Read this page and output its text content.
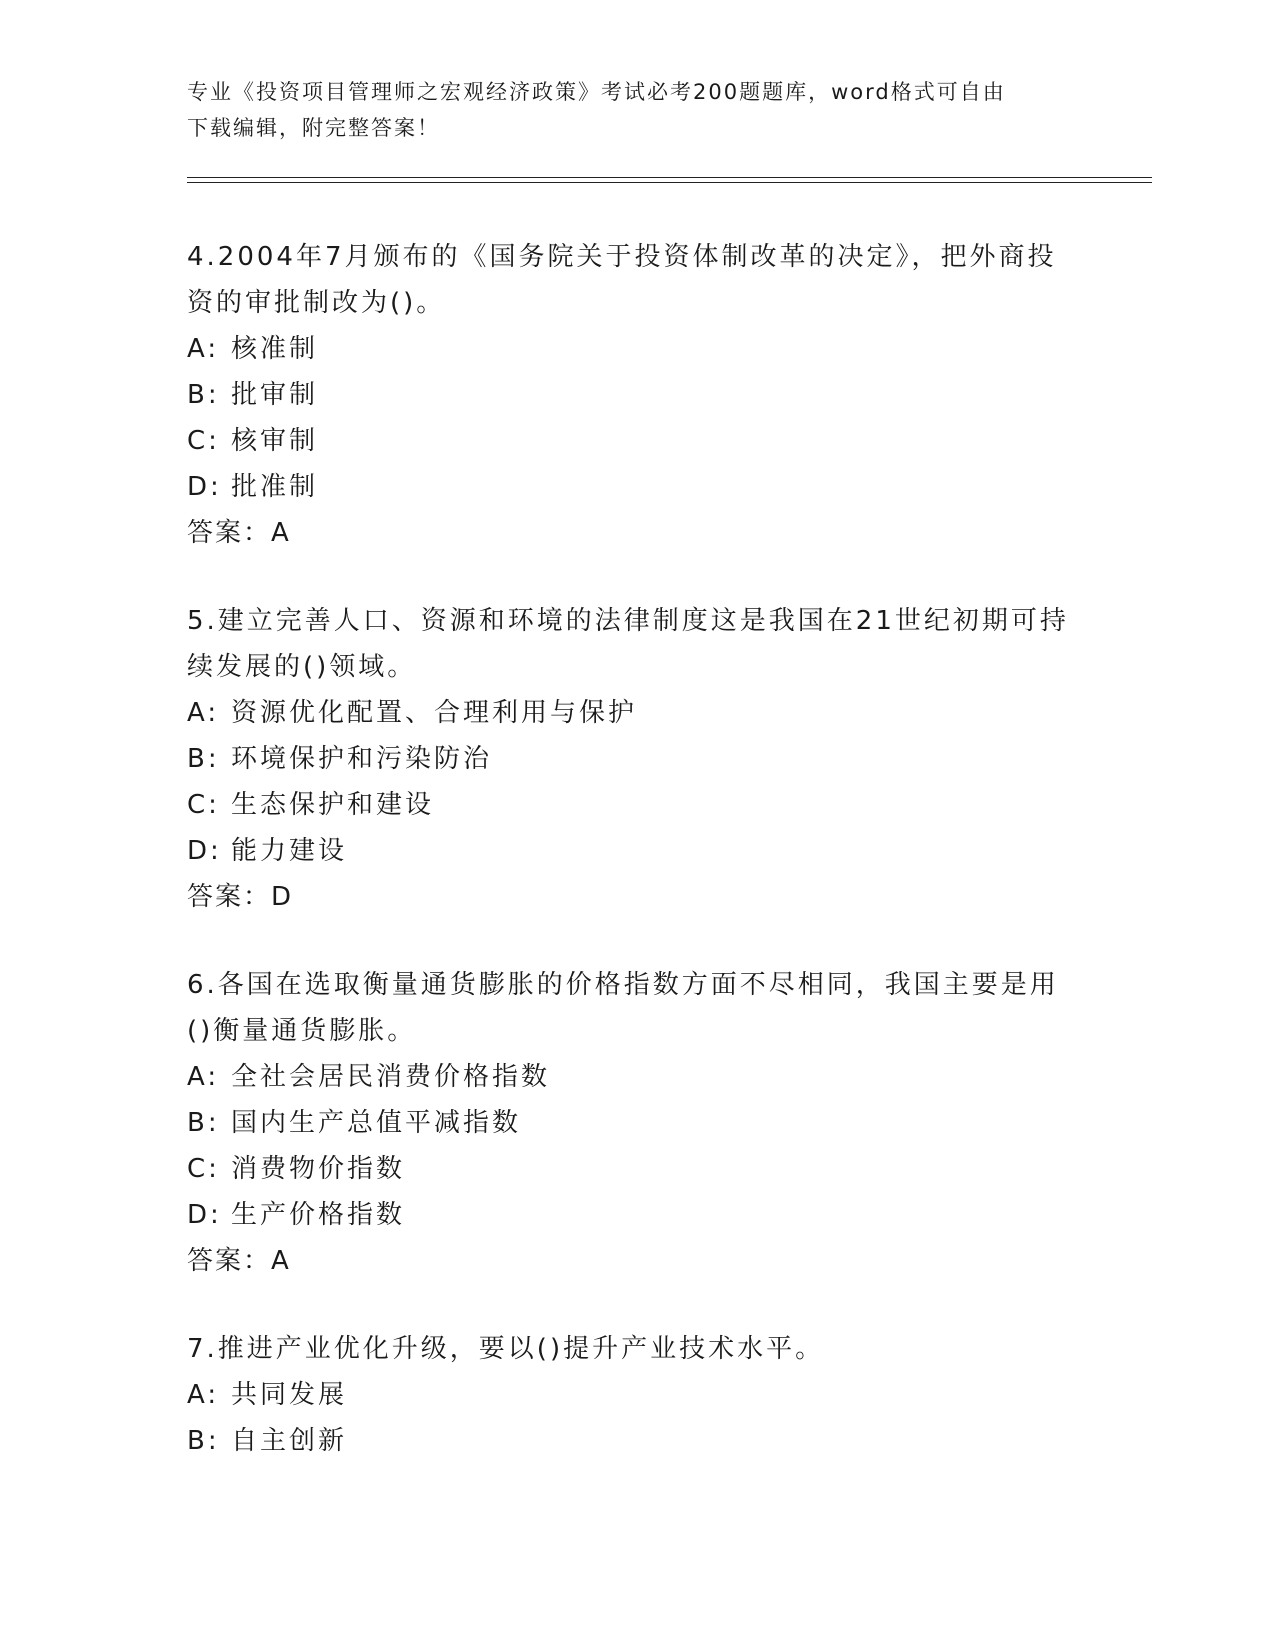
专业《投资项目管理师之宏观经济政策》考试必考200题题库，word格式可自由
下载编辑，附完整答案！

4.2004年7月颁布的《国务院关于投资体制改革的决定》，把外商投

资的审批制改为()。

A: 核准制

B: 批审制

C: 核审制

D: 批准制

答案：A

5.建立完善人口、资源和环境的法律制度这是我国在21世纪初期可持

续发展的()领域。

A: 资源优化配置、合理利用与保护

B: 环境保护和污染防治

C: 生态保护和建设

D: 能力建设

答案：D

6.各国在选取衡量通货膨胀的价格指数方面不尽相同，我国主要是用

()衡量通货膨胀。

A: 全社会居民消费价格指数

B: 国内生产总值平减指数

C: 消费物价指数

D: 生产价格指数

答案：A

7.推进产业优化升级，要以()提升产业技术水平。

A: 共同发展

B: 自主创新
